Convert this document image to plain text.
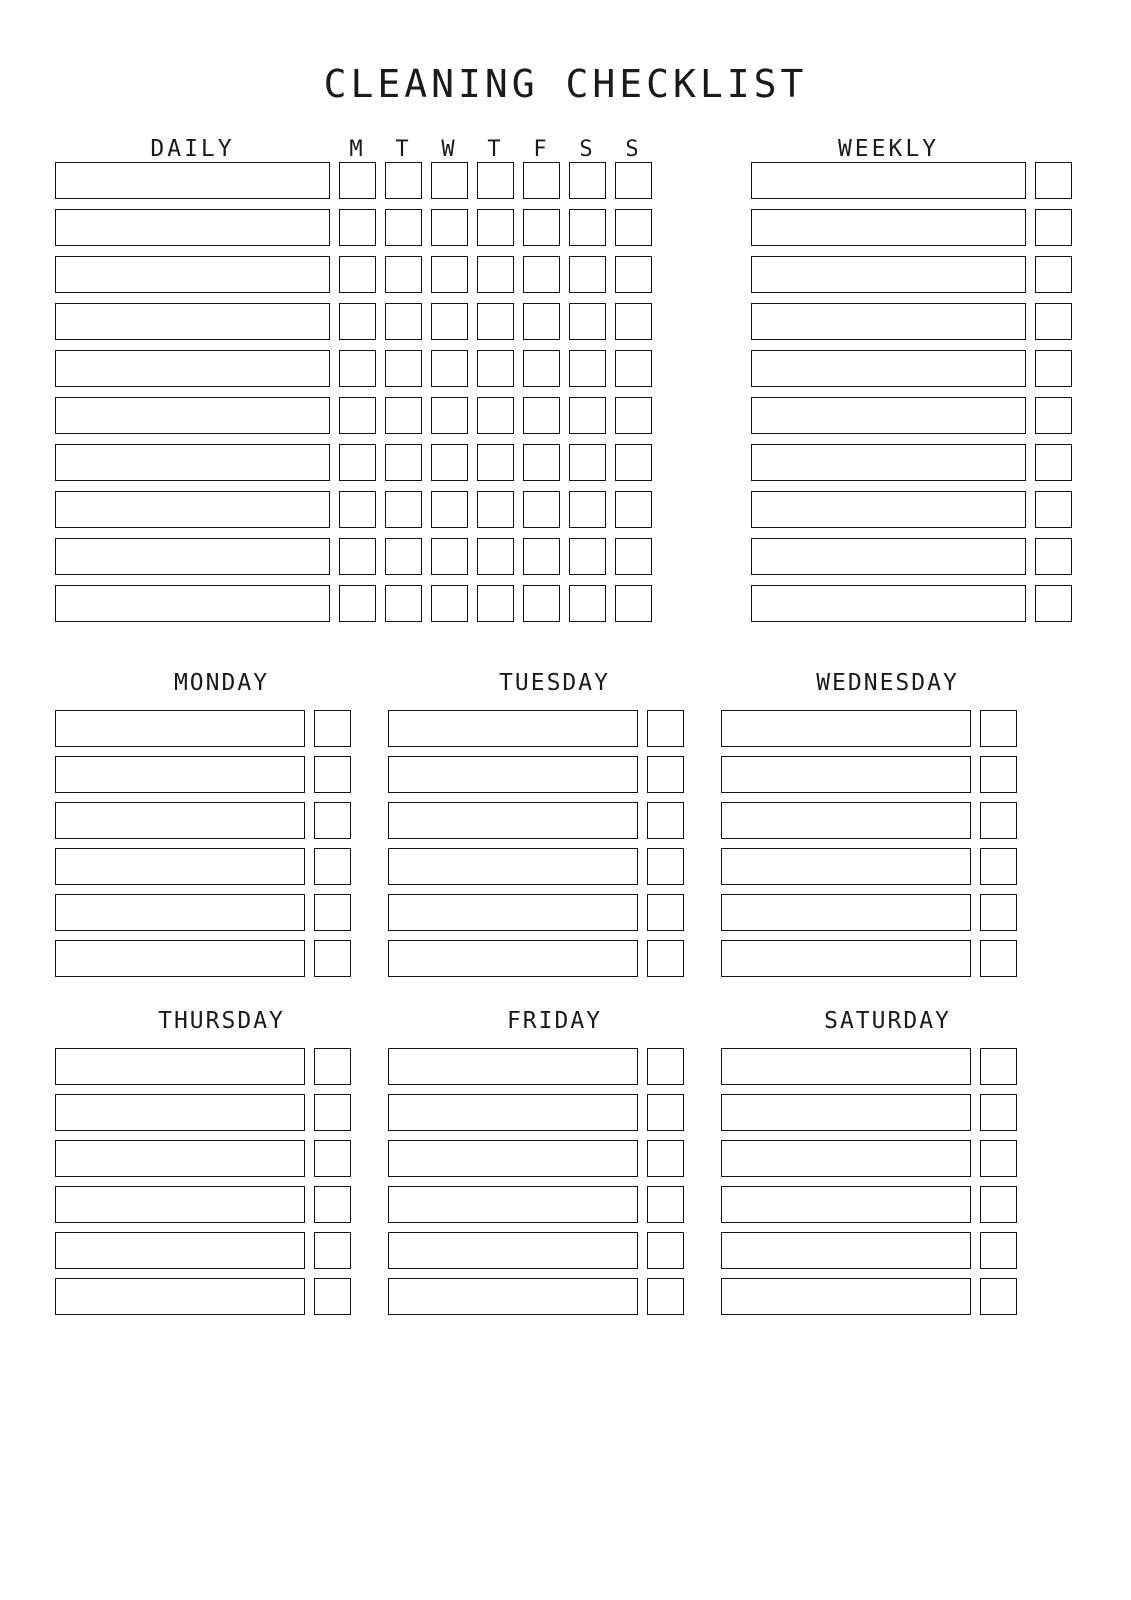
CLEANING CHECKLIST
DAILY	M	T	W	T	F	S	S	WEEKLY
MONDAY	TUESDAY	WEDNESDAY
THURSDAY	FRIDAY	SATURDAY
